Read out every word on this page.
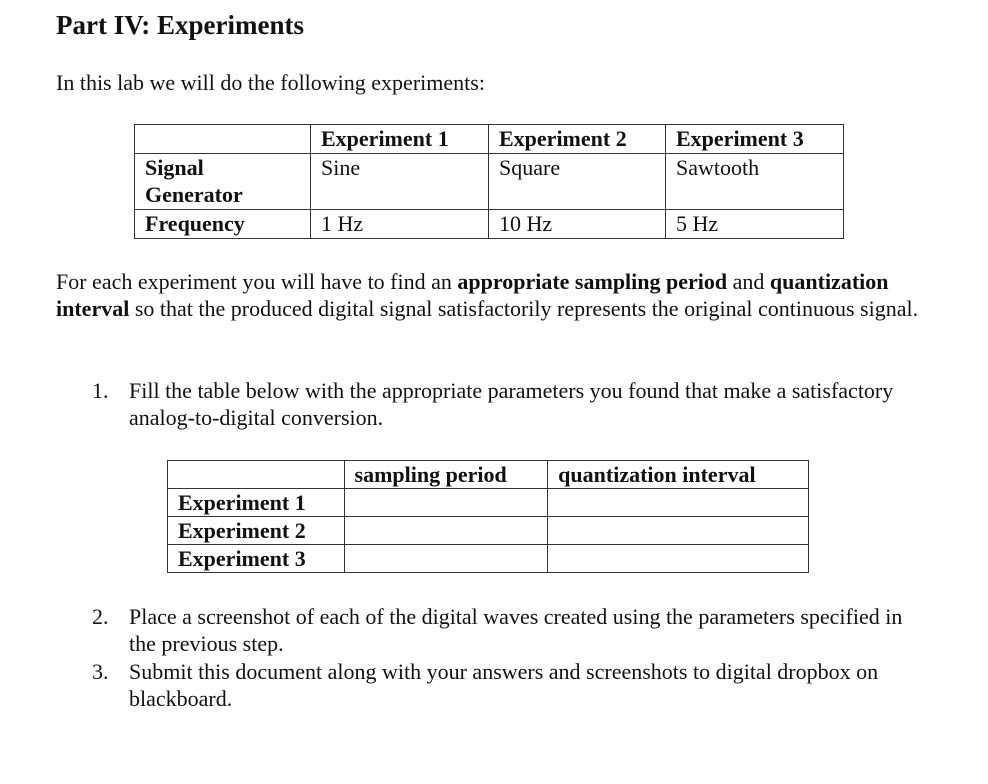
Part IV: Experiments
In this lab we will do the following experiments:
	Experiment 1	Experiment 2	Experiment 3
Signal Generator	Sine	Square	Sawtooth
Frequency	1 Hz	10 Hz	5 Hz
For each experiment you will have to find an appropriate sampling period and quantization interval so that the produced digital signal satisfactorily represents the original continuous signal.
1. Fill the table below with the appropriate parameters you found that make a satisfactory analog-to-digital conversion.
	sampling period	quantization interval
Experiment 1		
Experiment 2		
Experiment 3		
2. Place a screenshot of each of the digital waves created using the parameters specified in the previous step.
3. Submit this document along with your answers and screenshots to digital dropbox on blackboard.
